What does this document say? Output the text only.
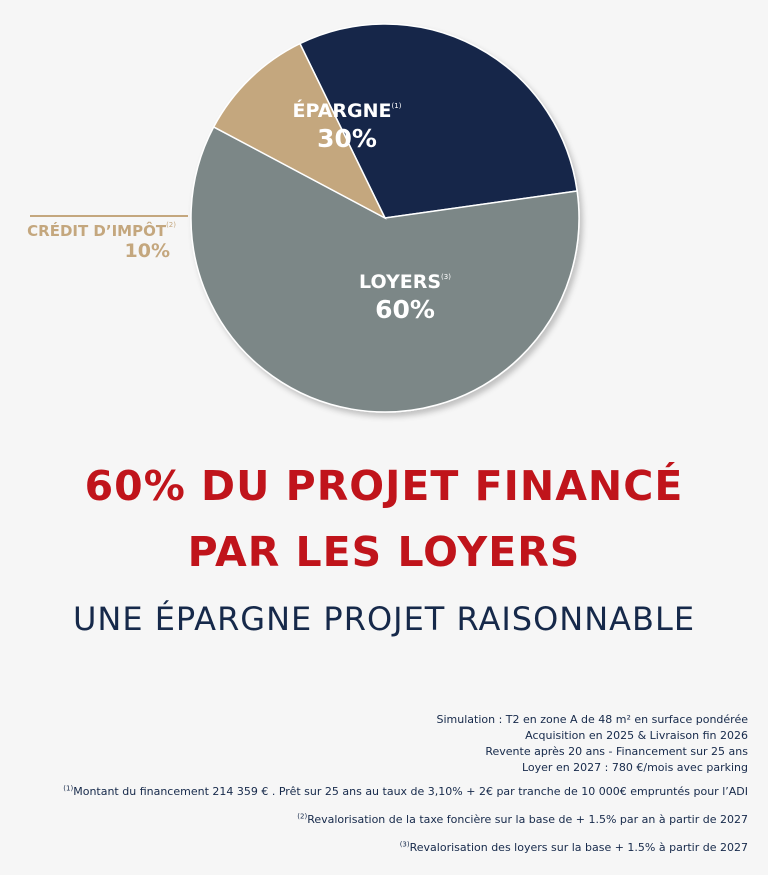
ÉPARGNE$^{(1)}$
30%
LOYERS$^{(3)}$
60%
CRÉDIT D’IMPÔT$^{(2)}$
10%
60% DU PROJET FINANCÉ
PAR LES LOYERS
UNE ÉPARGNE PROJET RAISONNABLE
Simulation : T2 en zone A de 48 m² en surface pondérée
Acquisition en 2025 & Livraison fin 2026
Revente après 20 ans - Financement sur 25 ans
Loyer en 2027 : 780 €/mois avec parking
$^{(1)}$Montant du financement 214 359 € . Prêt sur 25 ans au taux de 3,10% + 2€ par tranche de 10 000€ empruntés pour l’ADI
$^{(2)}$Revalorisation de la taxe foncière sur la base de + 1.5% par an à partir de 2027
$^{(3)}$Revalorisation des loyers sur la base + 1.5% à partir de 2027
